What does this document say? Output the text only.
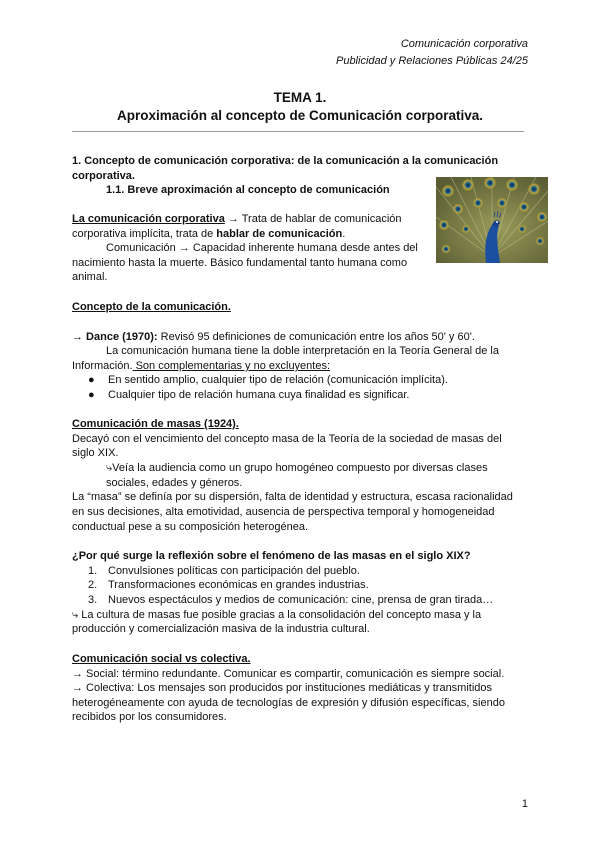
Comunicación corporativa
Publicidad y Relaciones Públicas 24/25
TEMA 1.
Aproximación al concepto de Comunicación corporativa.
1. Concepto de comunicación corporativa: de la comunicación a la comunicación
corporativa.
1.1. Breve aproximación al concepto de comunicación
La comunicación corporativa → Trata de hablar de comunicación
corporativa implícita, trata de hablar de comunicación.
Comunicación → Capacidad inherente humana desde antes del
nacimiento hasta la muerte. Básico fundamental tanto humana como
animal.
Concepto de la comunicación.
→ Dance (1970): Revisó 95 definiciones de comunicación entre los años 50' y 60'.
La comunicación humana tiene la doble interpretación en la Teoría General de la
Información. Son complementarias y no excluyentes:
● En sentido amplio, cualquier tipo de relación (comunicación implícita).
● Cualquier tipo de relación humana cuya finalidad es significar.
Comunicación de masas (1924).
Decayó con el vencimiento del concepto masa de la Teoría de la sociedad de masas del
siglo XIX.
⤷Veía la audiencia como un grupo homogéneo compuesto por diversas clases
sociales, edades y géneros.
La “masa” se definía por su dispersión, falta de identidad y estructura, escasa racionalidad
en sus decisiones, alta emotividad, ausencia de perspectiva temporal y homogeneidad
conductual pese a su composición heterogénea.
¿Por qué surge la reflexión sobre el fenómeno de las masas en el siglo XIX?
1. Convulsiones políticas con participación del pueblo.
2. Transformaciones económicas en grandes industrias.
3. Nuevos espectáculos y medios de comunicación: cine, prensa de gran tirada…
⤷ La cultura de masas fue posible gracias a la consolidación del concepto masa y la
producción y comercialización masiva de la industria cultural.
Comunicación social vs colectiva.
→ Social: término redundante. Comunicar es compartir, comunicación es siempre social.
→ Colectiva: Los mensajes son producidos por instituciones mediáticas y transmitidos
heterogéneamente con ayuda de tecnologías de expresión y difusión específicas, siendo
recibidos por los consumidores.
1
